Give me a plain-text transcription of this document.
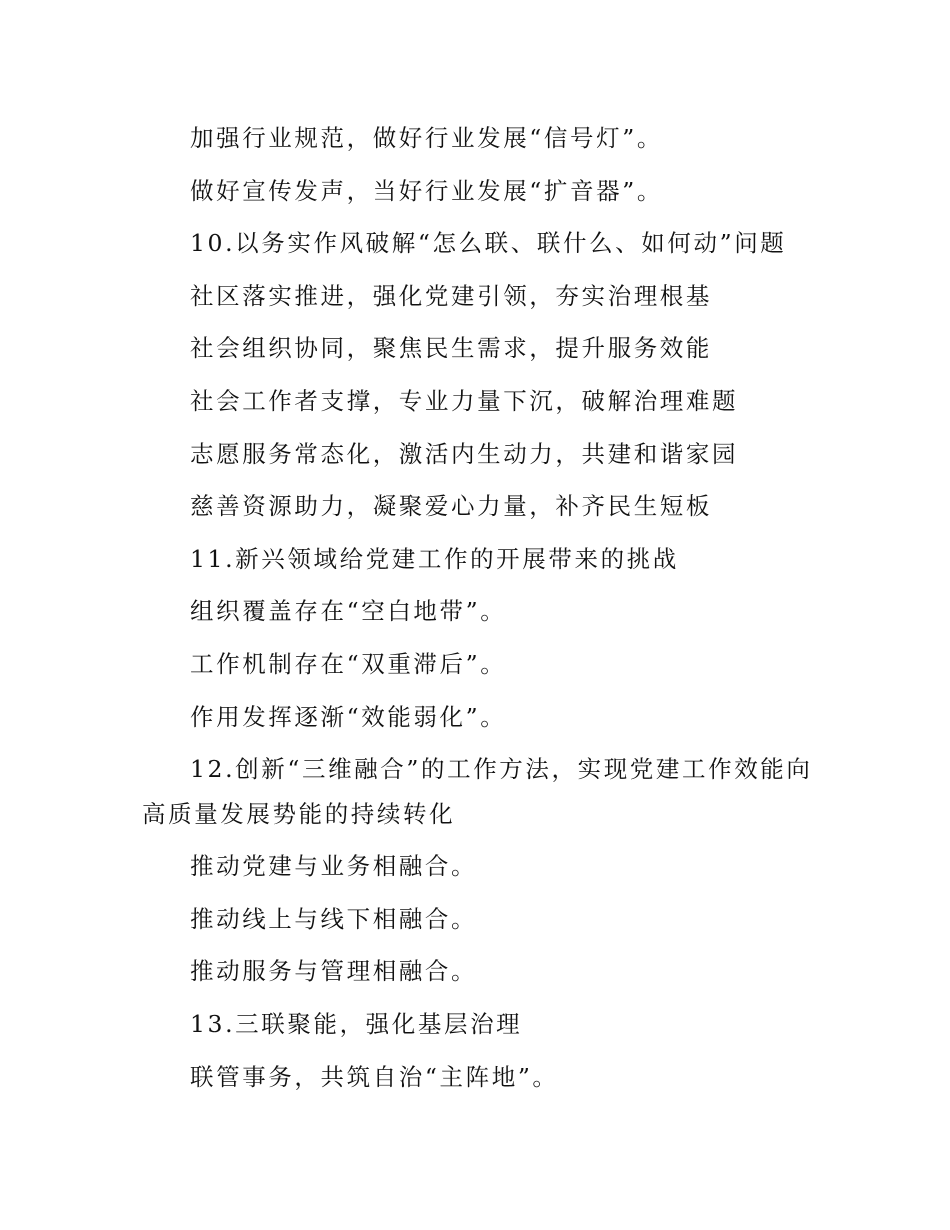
加强行业规范，做好行业发展“信号灯”。

做好宣传发声，当好行业发展“扩音器”。

10.以务实作风破解“怎么联、联什么、如何动”问题

社区落实推进，强化党建引领，夯实治理根基

社会组织协同，聚焦民生需求，提升服务效能

社会工作者支撑，专业力量下沉，破解治理难题

志愿服务常态化，激活内生动力，共建和谐家园

慈善资源助力，凝聚爱心力量，补齐民生短板

11.新兴领域给党建工作的开展带来的挑战

组织覆盖存在“空白地带”。

工作机制存在“双重滞后”。

作用发挥逐渐“效能弱化”。

12.创新“三维融合”的工作方法，实现党建工作效能向高质量发展势能的持续转化

推动党建与业务相融合。

推动线上与线下相融合。

推动服务与管理相融合。

13.三联聚能，强化基层治理

联管事务，共筑自治“主阵地”。
